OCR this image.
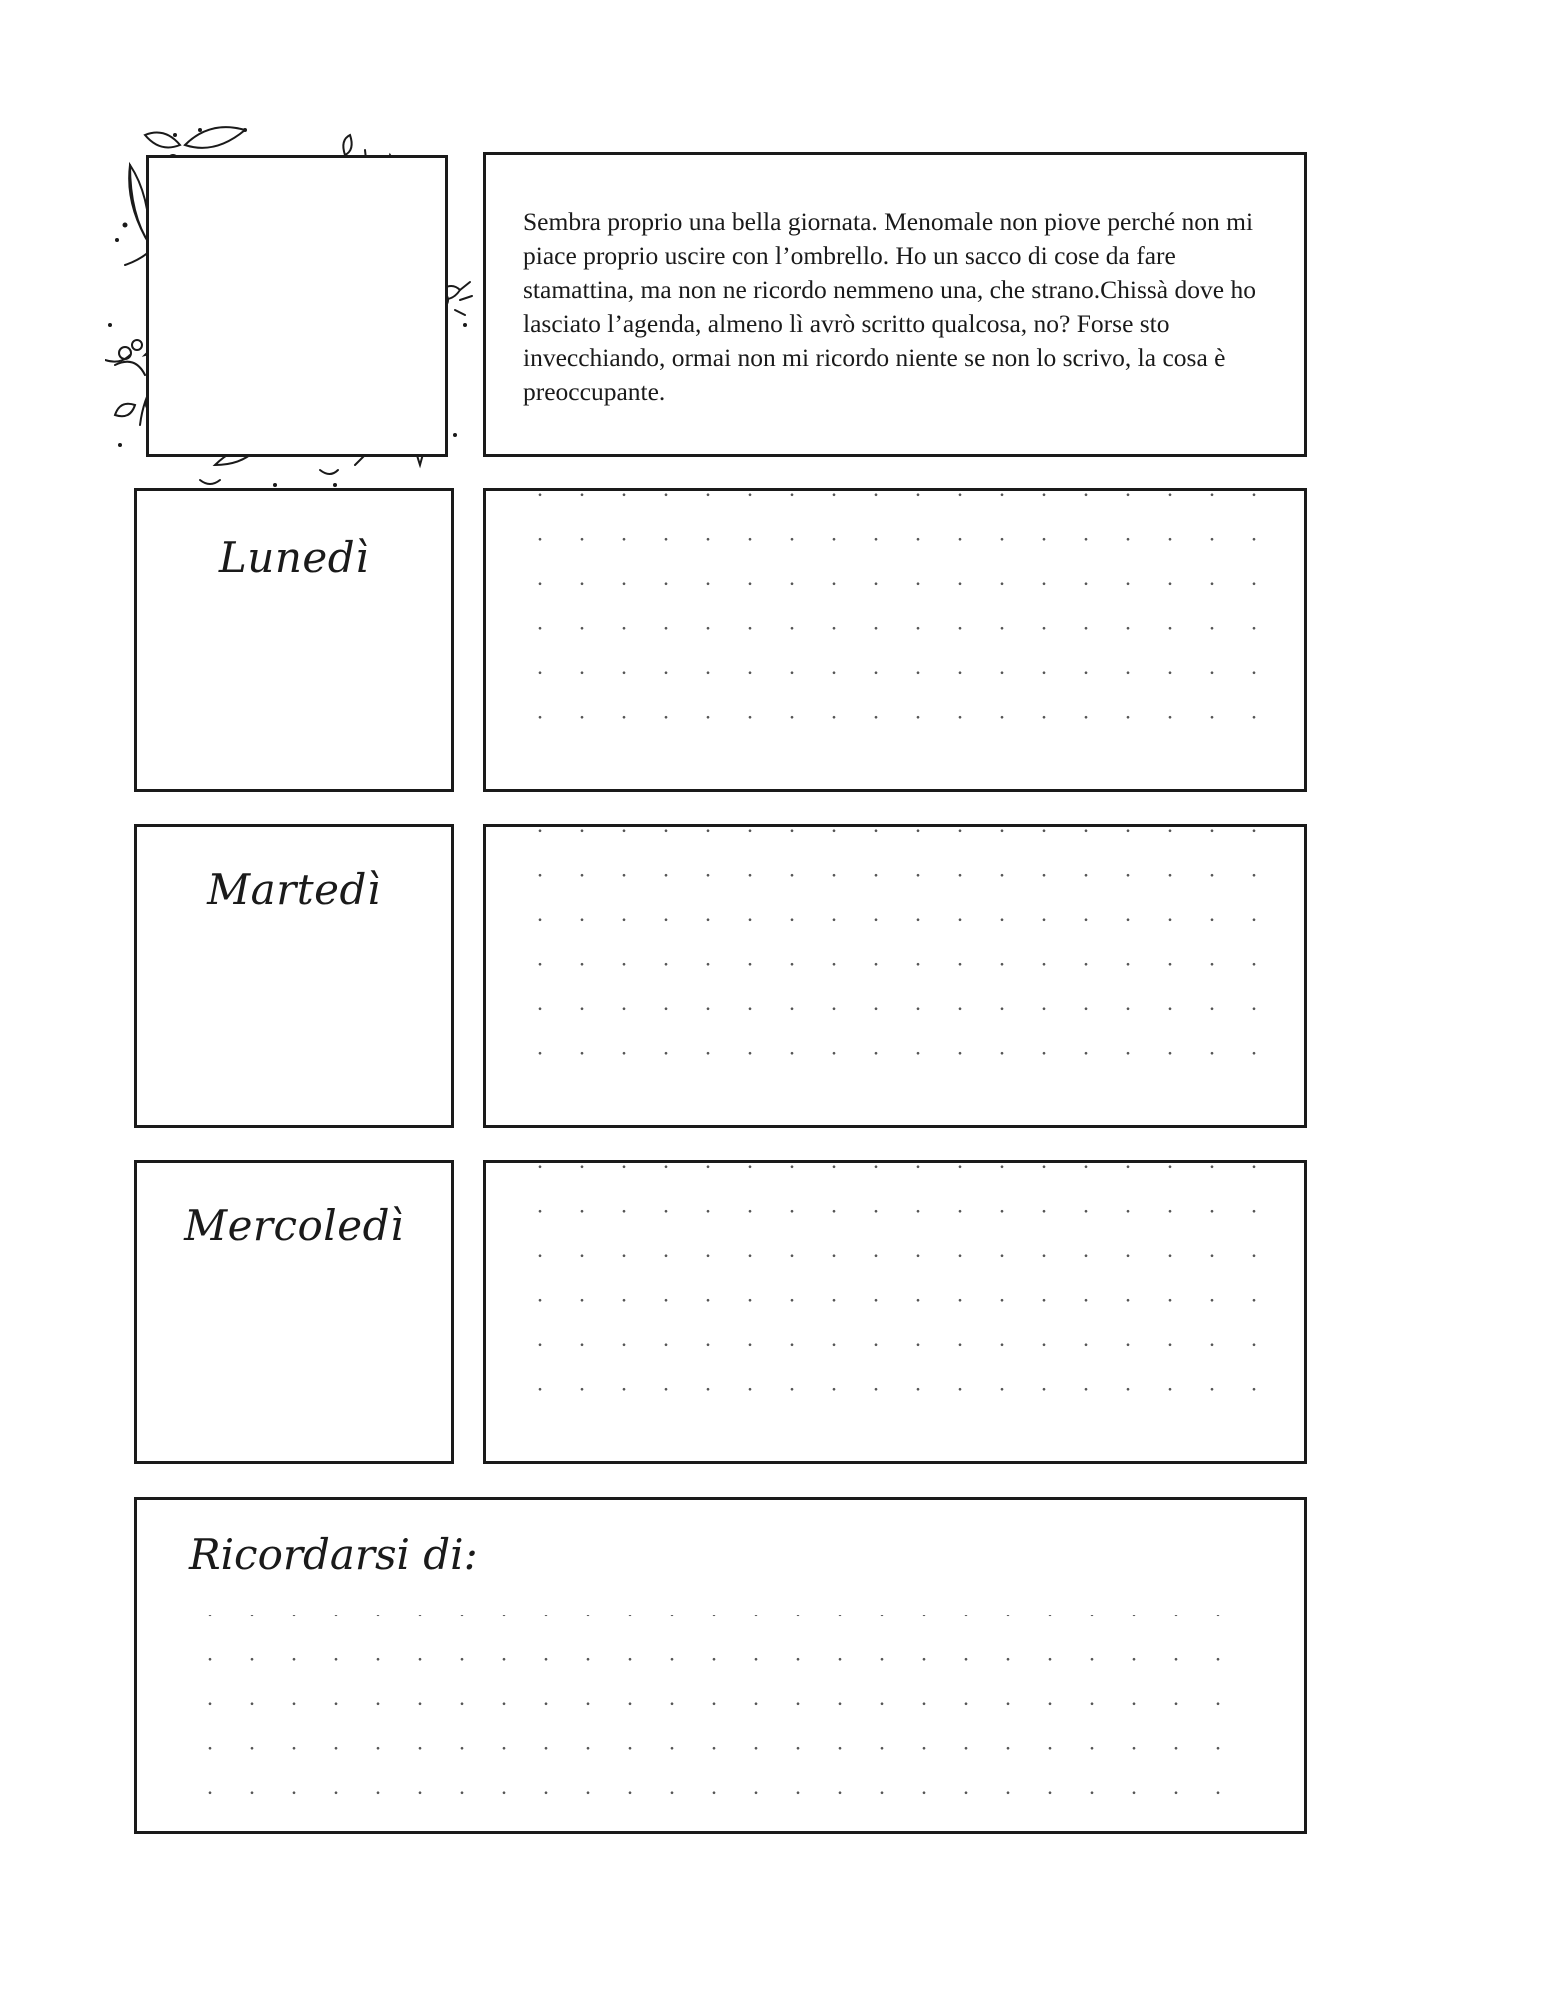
Sembra proprio una bella giornata. Menomale non piove perché non mi piace proprio uscire con l’ombrello. Ho un sacco di cose da fare stamattina, ma non ne ricordo nemmeno una, che strano.Chissà dove ho lasciato l’agenda, almeno lì avrò scritto qualcosa, no? Forse sto invecchiando, ormai non mi ricordo niente se non lo scrivo, la cosa è preoccupante.
Lunedì
Martedì
Mercoledì
Ricordarsi di:
